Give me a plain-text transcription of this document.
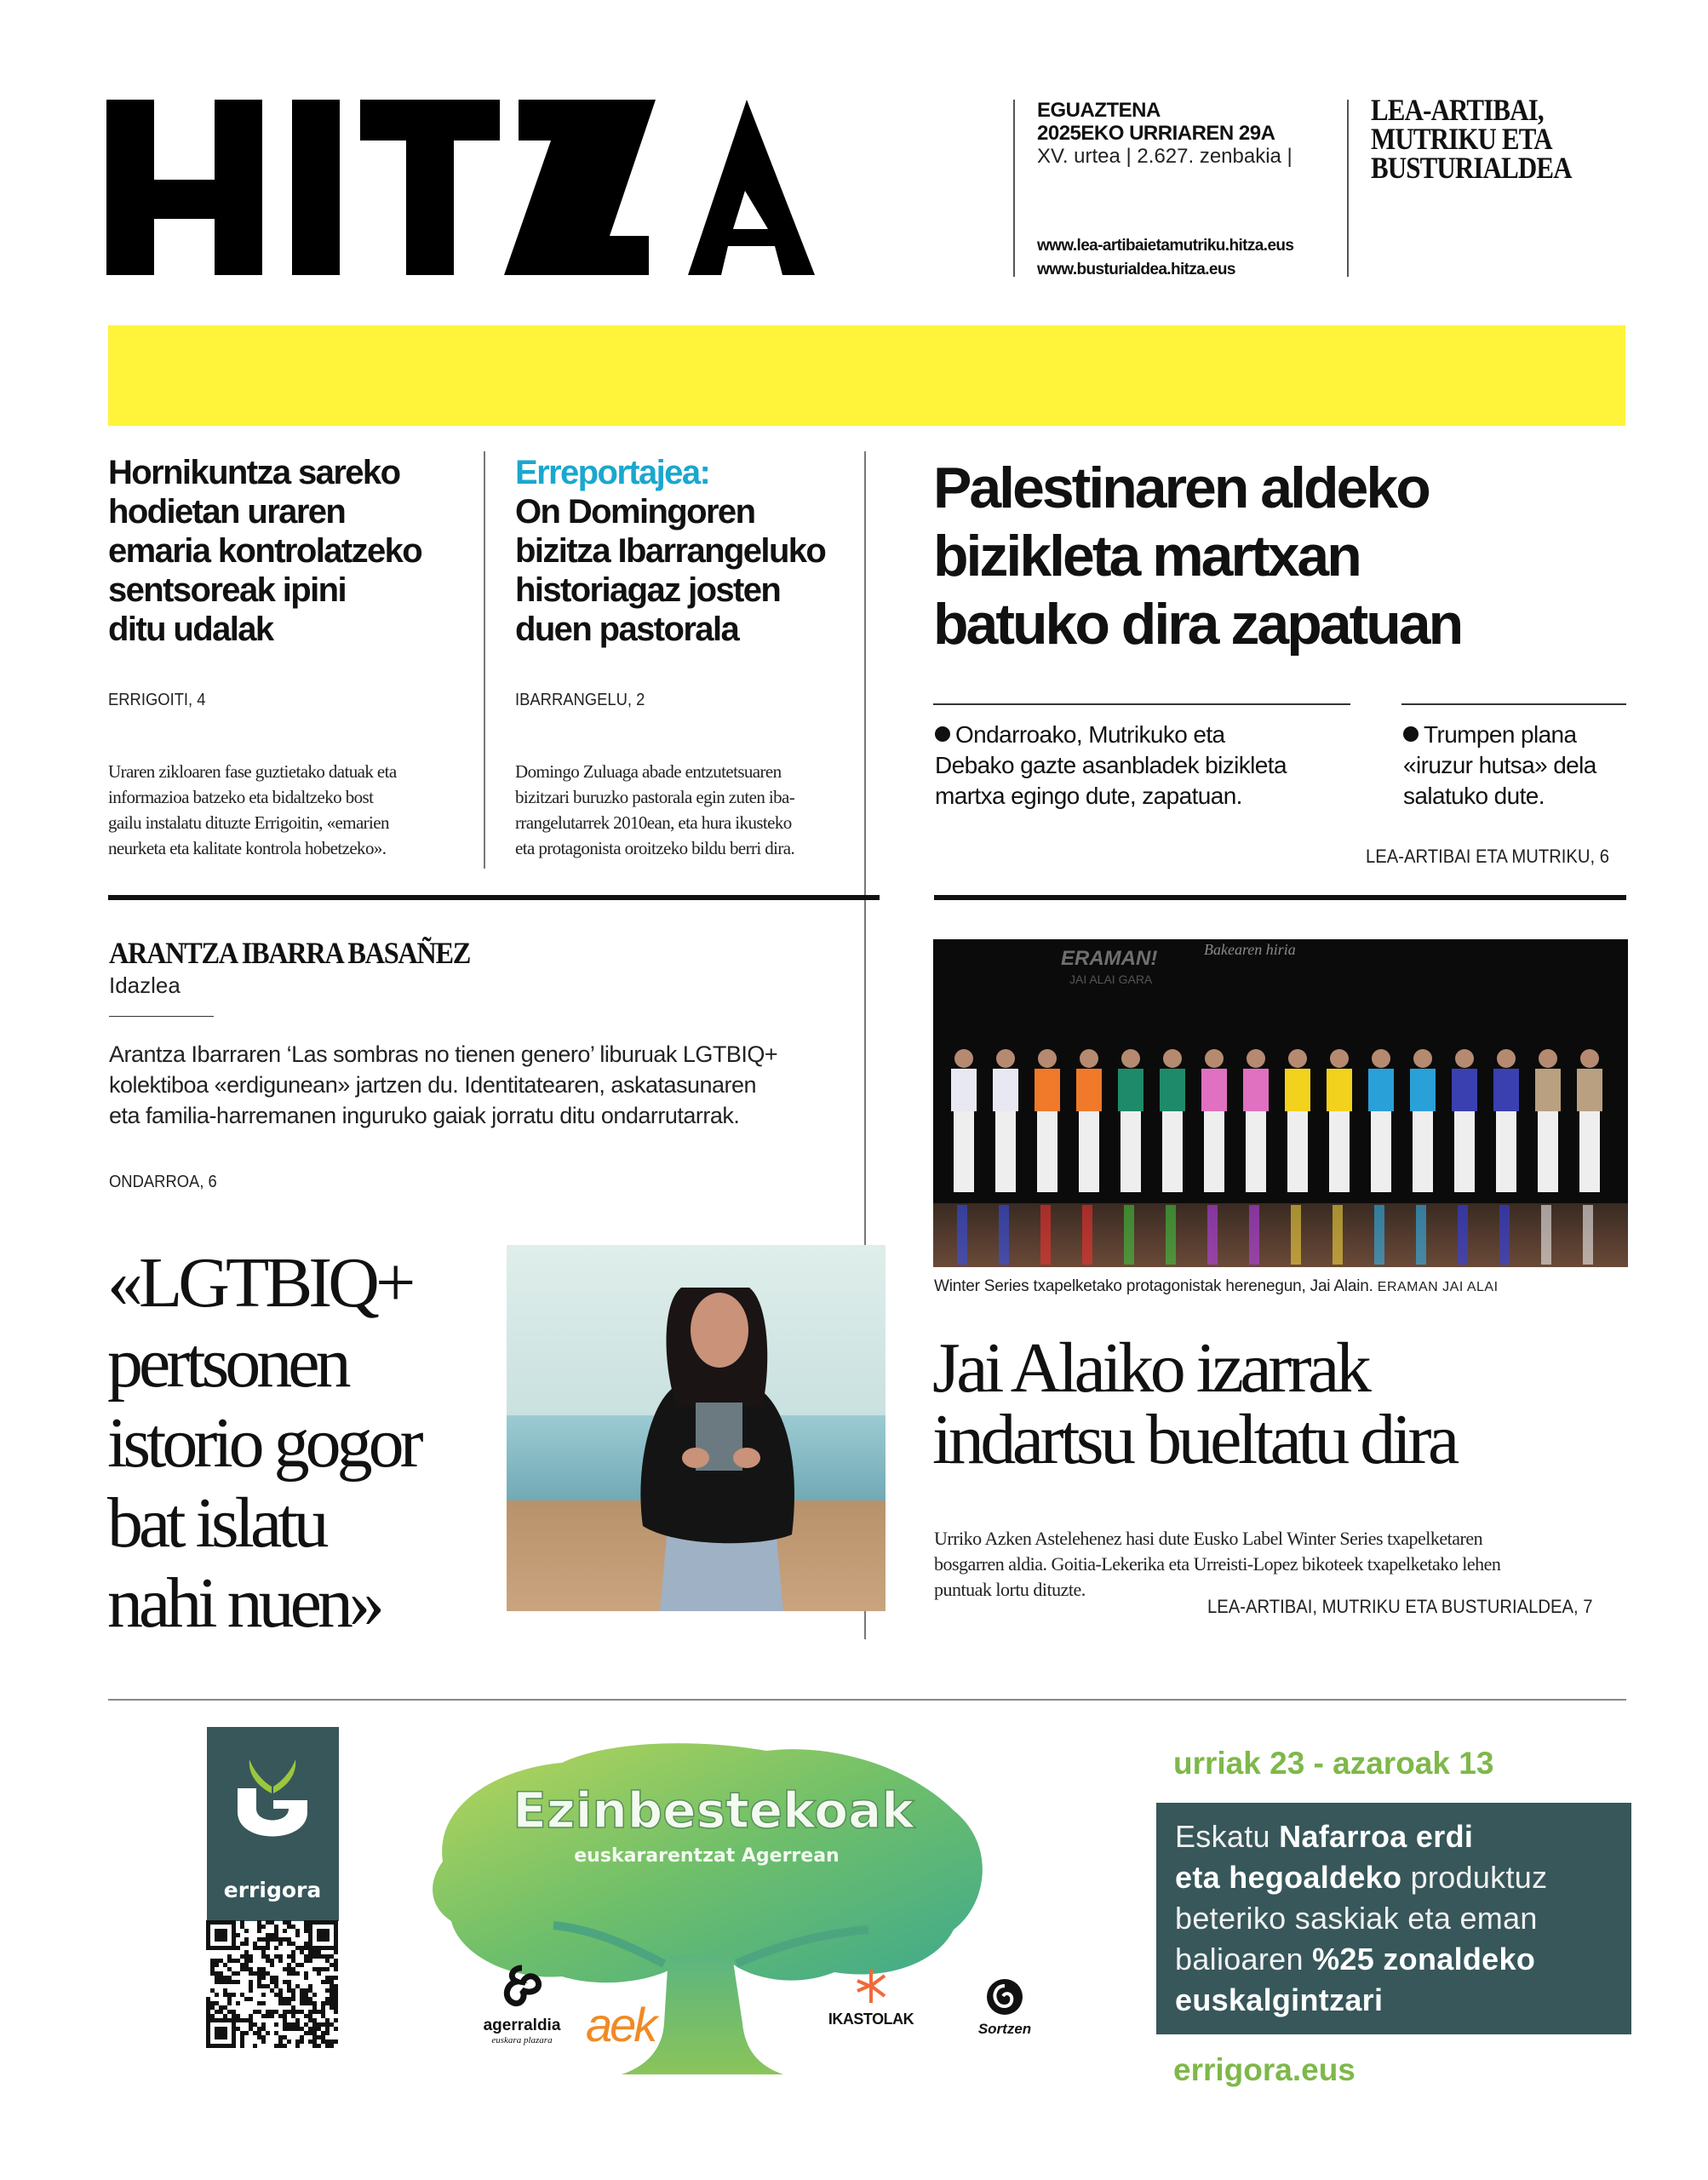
EGUAZTENA
2025EKO URRIAREN 29A
XV. urtea | 2.627. zenbakia |
www.lea-artibaietamutriku.hitza.eus
www.busturialdea.hitza.eus
LEA-ARTIBAI,
MUTRIKU ETA
BUSTURIALDEA
Hornikuntza sareko
hodietan uraren
emaria kontrolatzeko
sentsoreak ipini
ditu udalak
ERRIGOITI, 4
Uraren zikloaren fase guztietako datuak eta
informazioa batzeko eta bidaltzeko bost
gailu instalatu dituzte Errigoitin, «emarien
neurketa eta kalitate kontrola hobetzeko».
Erreportajea:
On Domingoren
bizitza Ibarrangeluko
historiagaz josten
duen pastorala
IBARRANGELU, 2
Domingo Zuluaga abade entzutetsuaren
bizitzari buruzko pastorala egin zuten iba-
rrangelutarrek 2010ean, eta hura ikusteko
eta protagonista oroitzeko bildu berri dira.
Palestinaren aldeko
bizikleta martxan
batuko dira zapatuan
Ondarroako, Mutrikuko eta
Debako gazte asanbladek bizikleta
martxa egingo dute, zapatuan.
Trumpen plana
«iruzur hutsa» dela
salatuko dute.
LEA-ARTIBAI ETA MUTRIKU, 6
ARANTZA IBARRA BASAÑEZ
Idazlea
Arantza Ibarraren ‘Las sombras no tienen genero’ liburuak LGTBIQ+
kolektiboa «erdigunean» jartzen du. Identitatearen, askatasunaren
eta familia-harremanen inguruko gaiak jorratu ditu ondarrutarrak.
ONDARROA, 6
«LGTBIQ+
pertsonen
istorio gogor
bat islatu
nahi nuen»
ERAMAN!
JAI ALAI GARA
Bakearen hiria
Winter Series txapelketako protagonistak herenegun, Jai Alain. ERAMAN JAI ALAI
Jai Alaiko izarrak
indartsu bueltatu dira
Urriko Azken Astelehenez hasi dute Eusko Label Winter Series txapelketaren
bosgarren aldia. Goitia-Lekerika eta Urreisti-Lopez bikoteek txapelketako lehen
puntuak lortu dituzte.
LEA-ARTIBAI, MUTRIKU ETA BUSTURIALDEA, 7
errigora
Ezinbestekoak
euskararentzat Agerrean
agerraldia
euskara plazara aek	IKASTOLAK
Sortzen
urriak 23 - azaroak 13
Eskatu Nafarroa erdi
eta hegoaldeko produktuz
beteriko saskiak eta eman
balioaren %25 zonaldeko
euskalgintzari
errigora.eus
